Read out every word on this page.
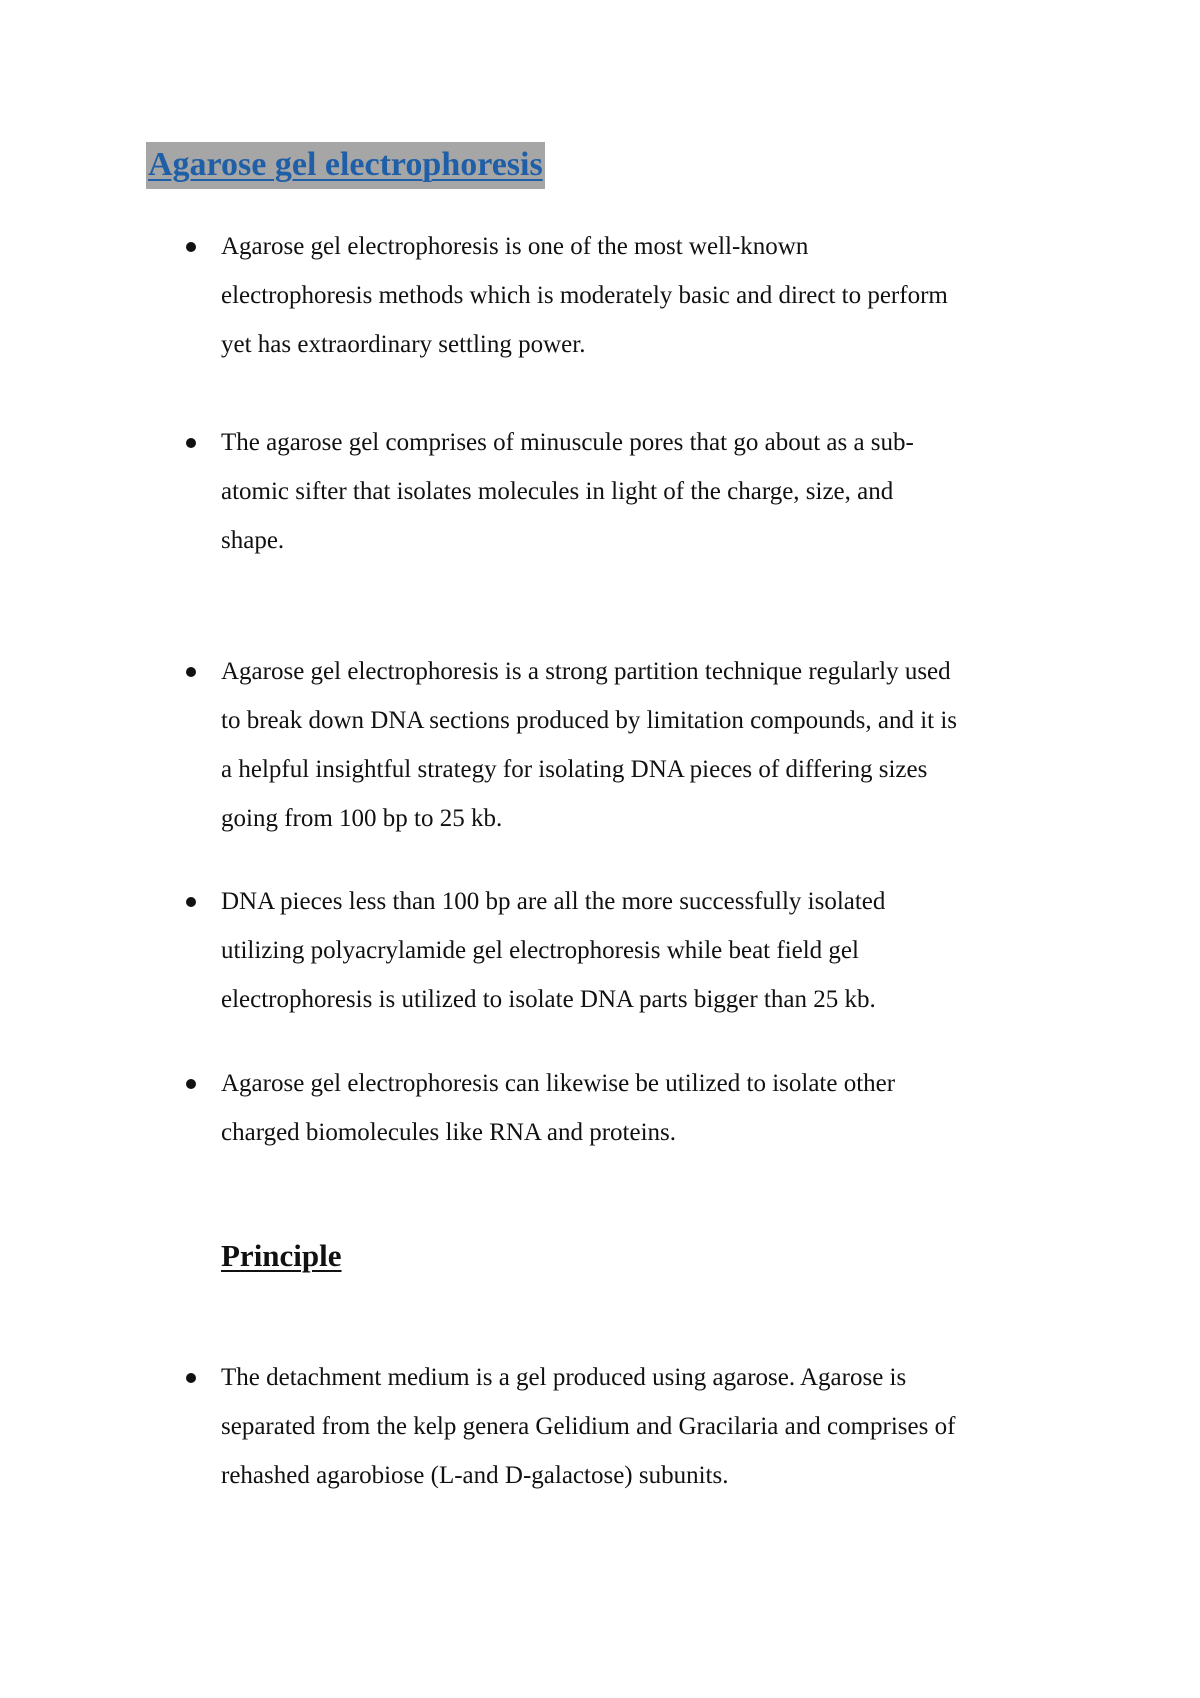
Agarose gel electrophoresis

Agarose gel electrophoresis is one of the most well-known
electrophoresis methods which is moderately basic and direct to perform
yet has extraordinary settling power.

The agarose gel comprises of minuscule pores that go about as a sub-
atomic sifter that isolates molecules in light of the charge, size, and
shape.

Agarose gel electrophoresis is a strong partition technique regularly used
to break down DNA sections produced by limitation compounds, and it is
a helpful insightful strategy for isolating DNA pieces of differing sizes
going from 100 bp to 25 kb.

DNA pieces less than 100 bp are all the more successfully isolated
utilizing polyacrylamide gel electrophoresis while beat field gel
electrophoresis is utilized to isolate DNA parts bigger than 25 kb.

Agarose gel electrophoresis can likewise be utilized to isolate other
charged biomolecules like RNA and proteins.

Principle

The detachment medium is a gel produced using agarose. Agarose is
separated from the kelp genera Gelidium and Gracilaria and comprises of
rehashed agarobiose (L-and D-galactose) subunits.
